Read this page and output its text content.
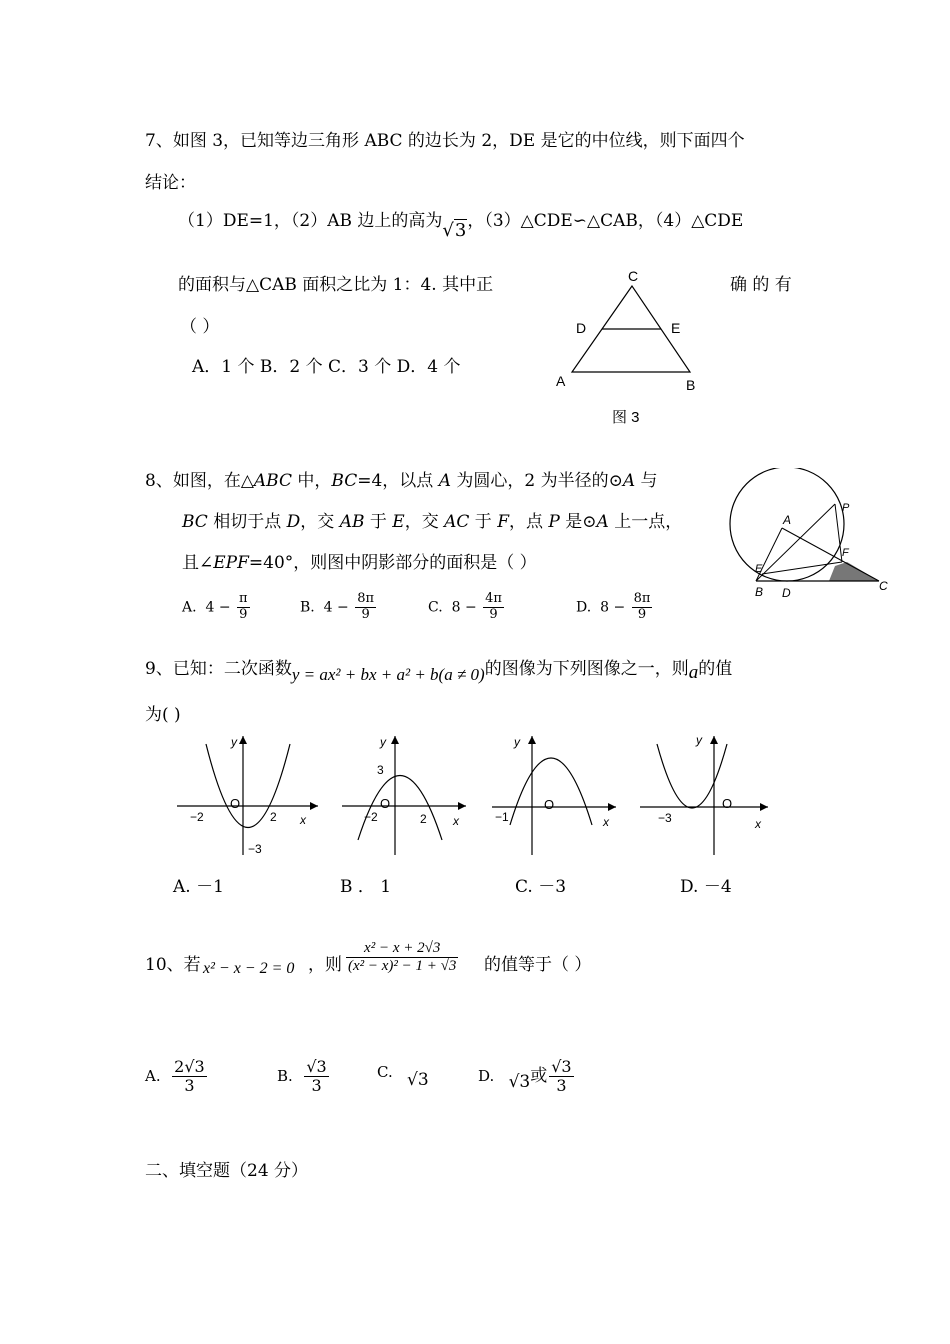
7、如图 3，已知等边三角形 ABC 的边长为 2，DE 是它的中位线，则下面四个
结论：
（1）DE=1，（2）AB 边上的高为√3，（3）△CDE∽△CAB，（4）△CDE
的面积与△CAB 面积之比为 1：4. 其中正	确 的 有
（ ）
A．1 个 B．2 个 C．3 个 D．4 个
C
D	E
A	B
图 3
8、如图，在△ABC 中，BC=4，以点 A 为圆心，2 为半径的⊙A 与
BC 相切于点 D，交 AB 于 E，交 AC 于 F，点 P 是⊙A 上一点，
且∠EPF=40°，则图中阴影部分的面积是（ ）
A. $4 - \frac{\pi}{9}$	B. $4 - \frac{8\pi}{9}$	C. $8 - \frac{4\pi}{9}$	D. $8 - \frac{8\pi}{9}$
A
P
F
E
B D	C
9、已知：二次函数y = ax² + bx + a² + b(a ≠ 0)的图像为下列图像之一，则a的值
为( )
y
x
O
−2	2
−3
y
x
O
−2	2
3
y
x
O
−1
y
x
O
−3
A. －1	B ． 1	C. －3	D. －4
10、若 x² − x − 2 = 0 ，则 $\frac{\text{x² − x + 2√3}}{\text{(x² − x)² − 1 + √3}}$ 的值等于（ ）
A. $\frac{2√3}{3}$	B. $\frac{√3}{3}$	C. √3	D. √3或 $\frac{√3}{3}$
二、填空题（24 分）
